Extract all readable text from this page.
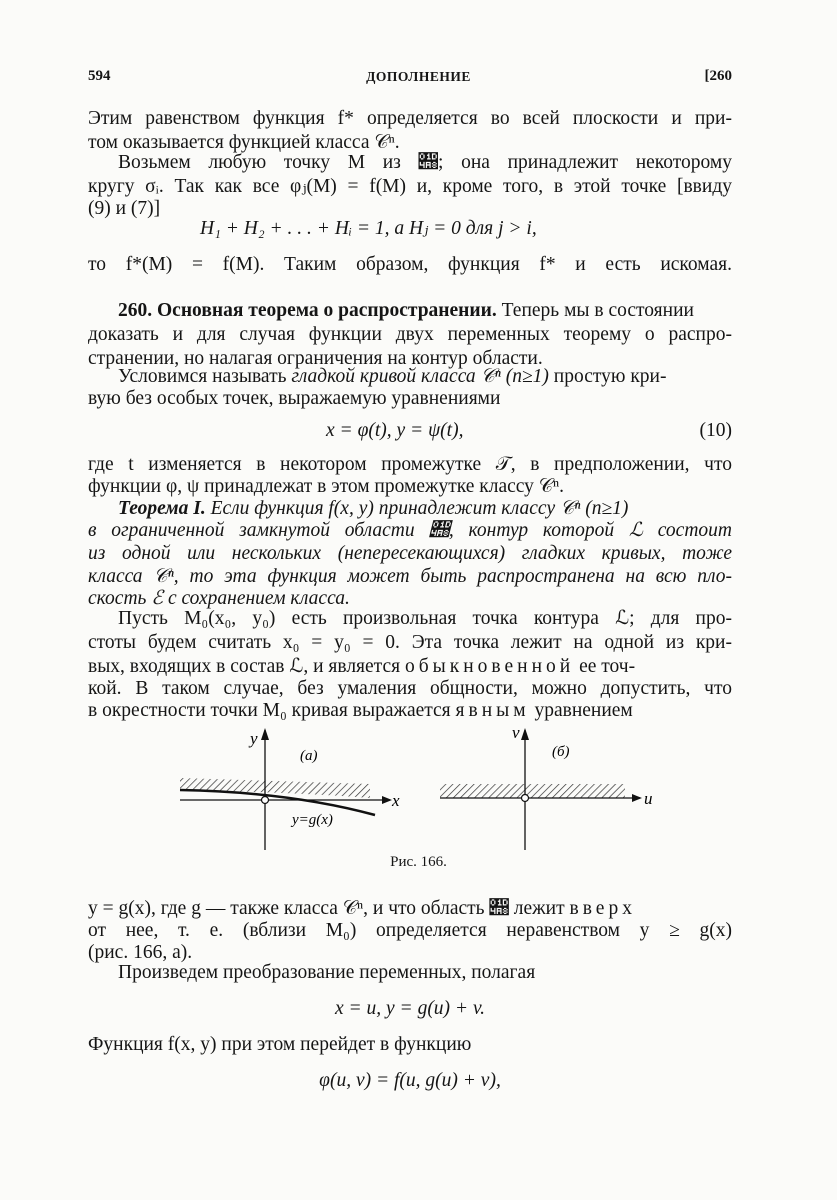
594	ДОПОЛНЕНИЕ	[260
Этим равенством функция f* определяется во всей плоскости и при-
том оказывается функцией класса 𝒞ⁿ.
Возьмем любую точку M из 𝒨; она принадлежит некоторому
кругу σᵢ. Так как все φⱼ(M) = f(M) и, кроме того, в этой точке [ввиду
(9) и (7)]
H₁ + H₂ + . . . + Hᵢ = 1, а Hⱼ = 0 для j > i,
то f*(M) = f(M). Таким образом, функция f* и есть искомая.
260. Основная теорема о распространении. Теперь мы в состоянии
доказать и для случая функции двух переменных теорему о распро-
странении, но налагая ограничения на контур области.
Условимся называть гладкой кривой класса 𝒞ⁿ (n≥1) простую кри-
вую без особых точек, выражаемую уравнениями
x = φ(t), y = ψ(t),	(10)
где t изменяется в некотором промежутке 𝒯, в предположении, что
функции φ, ψ принадлежат в этом промежутке классу 𝒞ⁿ.
Теорема I. Если функция f(x, y) принадлежит классу 𝒞ⁿ (n≥1)
в ограниченной замкнутой области 𝒨, контур которой ℒ состоит
из одной или нескольких (непересекающихся) гладких кривых, тоже
класса 𝒞ⁿ, то эта функция может быть распространена на всю пло-
скость ℰ с сохранением класса.
Пусть M₀(x₀, y₀) есть произвольная точка контура ℒ; для про-
стоты будем считать x₀ = y₀ = 0. Эта точка лежит на одной из кри-
вых, входящих в состав ℒ, и является обыкновенной ее точ-
кой. В таком случае, без умаления общности, можно допустить, что
в окрестности точки M₀ кривая выражается явным уравнением
y
x
(а)
y=g(x)
v
u
(б)
Рис. 166.
y = g(x), где g — также класса 𝒞ⁿ, и что область 𝒨 лежит вверх
от нее, т. е. (вблизи M₀) определяется неравенством y ≥ g(x)
(рис. 166, a).
Произведем преобразование переменных, полагая
x = u, y = g(u) + v.
Функция f(x, y) при этом перейдет в функцию
φ(u, v) = f(u, g(u) + v),
